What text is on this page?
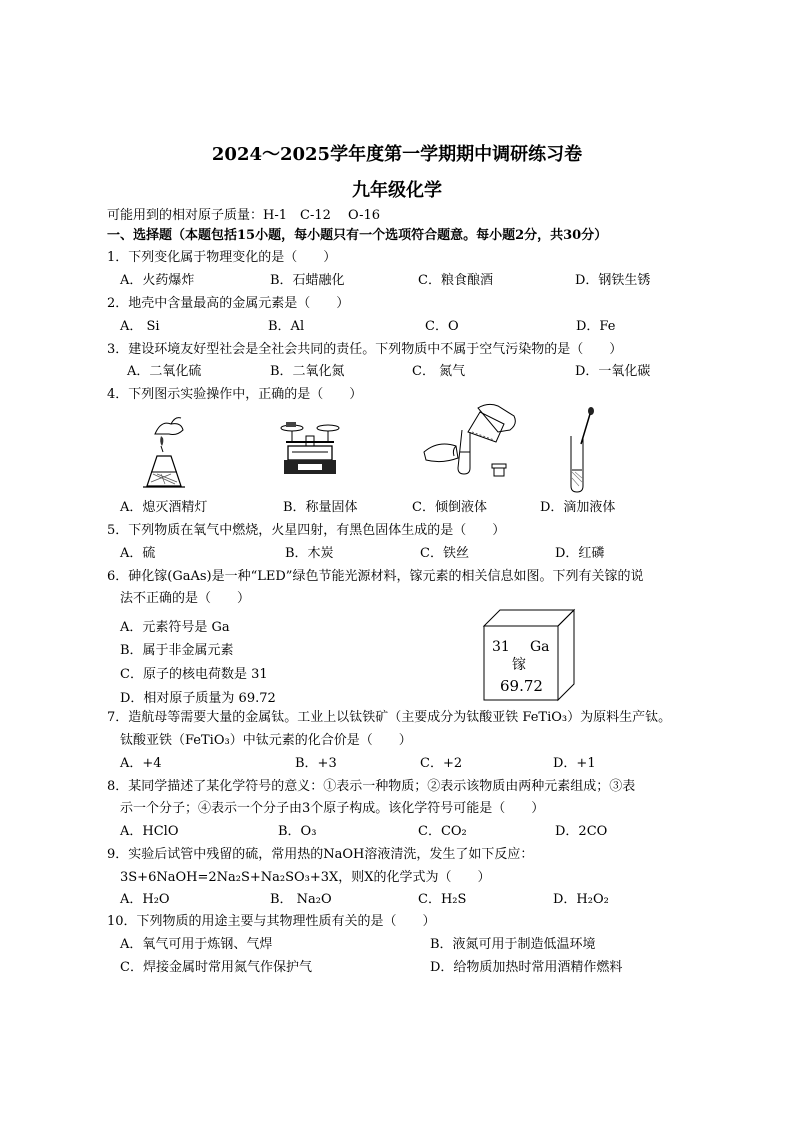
2024～2025学年度第一学期期中调研练习卷
九年级化学
可能用到的相对原子质量：H-1　C-12　 O-16
一、选择题（本题包括15小题，每小题只有一个选项符合题意。每小题2分，共30分）
1．下列变化属于物理变化的是（　　）
A．火药爆炸	B．石蜡融化	C．粮食酿酒	D．钢铁生锈
2．地壳中含量最高的金属元素是（　　）
A． Si	B．Al	C．O	D．Fe
3．建设环境友好型社会是全社会共同的责任。下列物质中不属于空气污染物的是（　　）
A．二氧化硫	B．二氧化氮	C． 氮气	D．一氧化碳
4．下列图示实验操作中，正确的是（　　）
A．熄灭酒精灯	B．称量固体	C．倾倒液体	D．滴加液体
5．下列物质在氧气中燃烧，火星四射，有黑色固体生成的是（　　）
A．硫	B．木炭	C．铁丝	D．红磷
6．砷化镓(GaAs)是一种“LED”绿色节能光源材料，镓元素的相关信息如图。下列有关镓的说
法不正确的是（　　）
A．元素符号是 Ga
B．属于非金属元素
C．原子的核电荷数是 31
D．相对原子质量为 69.72
31 Ga
镓
69.72
7．造航母等需要大量的金属钛。工业上以钛铁矿（主要成分为钛酸亚铁 FeTiO₃）为原料生产钛。
钛酸亚铁（FeTiO₃）中钛元素的化合价是（　　）
A．+4	B．+3	C．+2	D．+1
8．某同学描述了某化学符号的意义：①表示一种物质；②表示该物质由两种元素组成；③表
示一个分子；④表示一个分子由3个原子构成。该化学符号可能是（　　）
A．HClO	B．O₃	C．CO₂	D．2CO
9．实验后试管中残留的硫，常用热的NaOH溶液清洗，发生了如下反应：
3S+6NaOH=2Na₂S+Na₂SO₃+3X，则X的化学式为（　　）
A．H₂O	B． Na₂O	C．H₂S	D．H₂O₂
10．下列物质的用途主要与其物理性质有关的是（　　）
A．氧气可用于炼钢、气焊	B．液氮可用于制造低温环境
C．焊接金属时常用氮气作保护气	D．给物质加热时常用酒精作燃料
